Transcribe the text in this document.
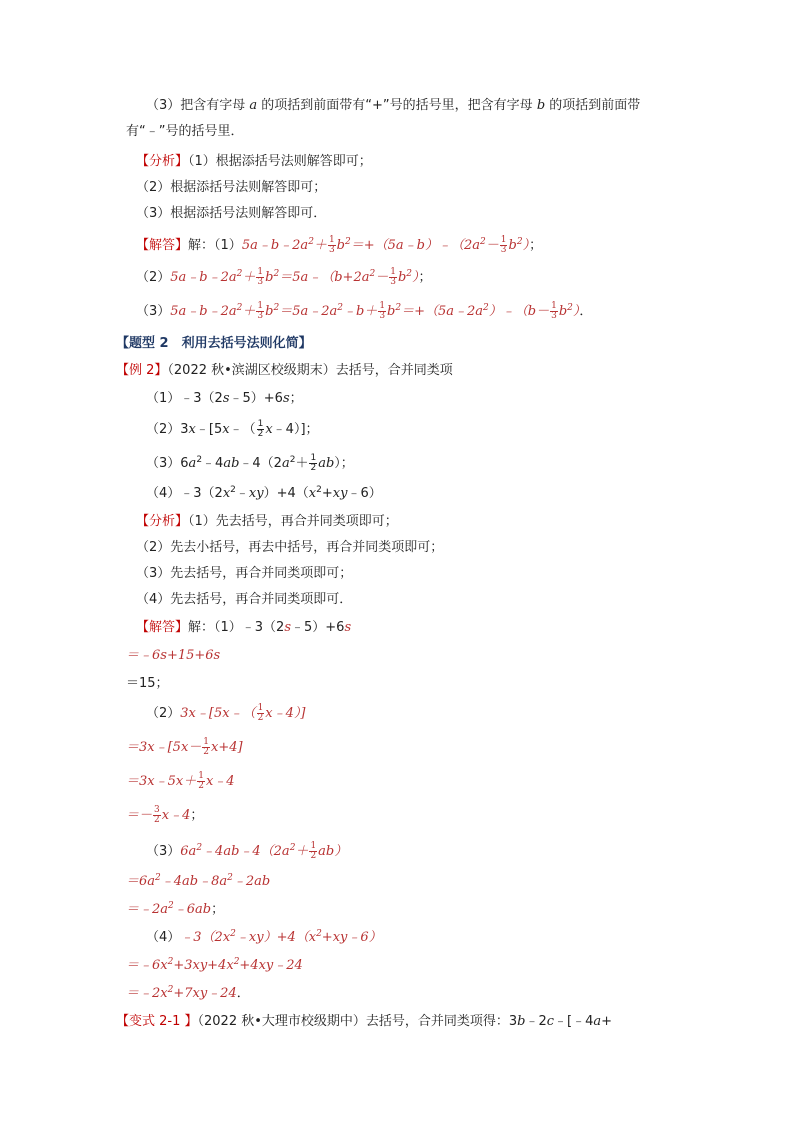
（3）把含有字母 a 的项括到前面带有“+”号的括号里，把含有字母 b 的项括到前面带
有“﹣”号的括号里．
【分析】（1）根据添括号法则解答即可；
（2）根据添括号法则解答即可；
（3）根据添括号法则解答即可．
【解答】解：$(1)5a﹣b﹣2a^2+ \frac{1}{3}$ $b^2=+(5a﹣b)﹣(2a^2- \frac{1}{3} b^2)$；
$(2)5a﹣b﹣2a^2+ \frac{1}{3}$ $b^2=5a﹣(b+2a^2- \frac{1}{3} b^2)$；
$(3)5a﹣b﹣2a^2+ \frac{1}{3}$ $b^2=5a﹣2a^2﹣b+ \frac{1}{3}$ $b^2=+(5a﹣2a^2)﹣(b- \frac{1}{3} b^2)$．
【题型 2　利用去括号法则化简】
【例 2】（2022 秋•滨湖区校级期末）去括号，合并同类项
（1）﹣3（2s﹣5）+6s；
（2）3x﹣[5x﹣（ $\frac{1}{2}$ x﹣4）]；
$(3)6a^2﹣4ab﹣4(2a^2+ \frac{1}{2} ab)$；
$(4)﹣3(2x^2﹣xy)+4(x^2+xy﹣6)$
【分析】（1）先去括号，再合并同类项即可；
（2）先去小括号，再去中括号，再合并同类项即可；
（3）先去括号，再合并同类项即可；
（4）先去括号，再合并同类项即可．
【解答】解：（1）﹣3（2s﹣5）+6s
＝﹣6s+15+6s
＝15；
（2）3x﹣[5x﹣（ $\frac{1}{2}$ x﹣4）]
＝3x﹣[5x－ $\frac{1}{2} x+4$]
＝3x﹣5x＋ $\frac{1}{2}$ x﹣4
＝－ $\frac{3}{2}$ x﹣4；
$(3)6a^2﹣4ab﹣4(2a^2+ \frac{1}{2} ab)$
$=6a^2﹣4ab﹣8a^2﹣2ab$
$=﹣2a^2﹣6ab$；
$(4)﹣3(2x^2﹣xy)+4(x^2+xy﹣6)$
$=﹣6x^2+3xy+4x^2+4xy﹣24$
$=﹣2x^2+7xy﹣24$．
【变式 2-1 】（2022 秋•大理市校级期中）去括号，合并同类项得：3b﹣2c﹣[﹣4a+
